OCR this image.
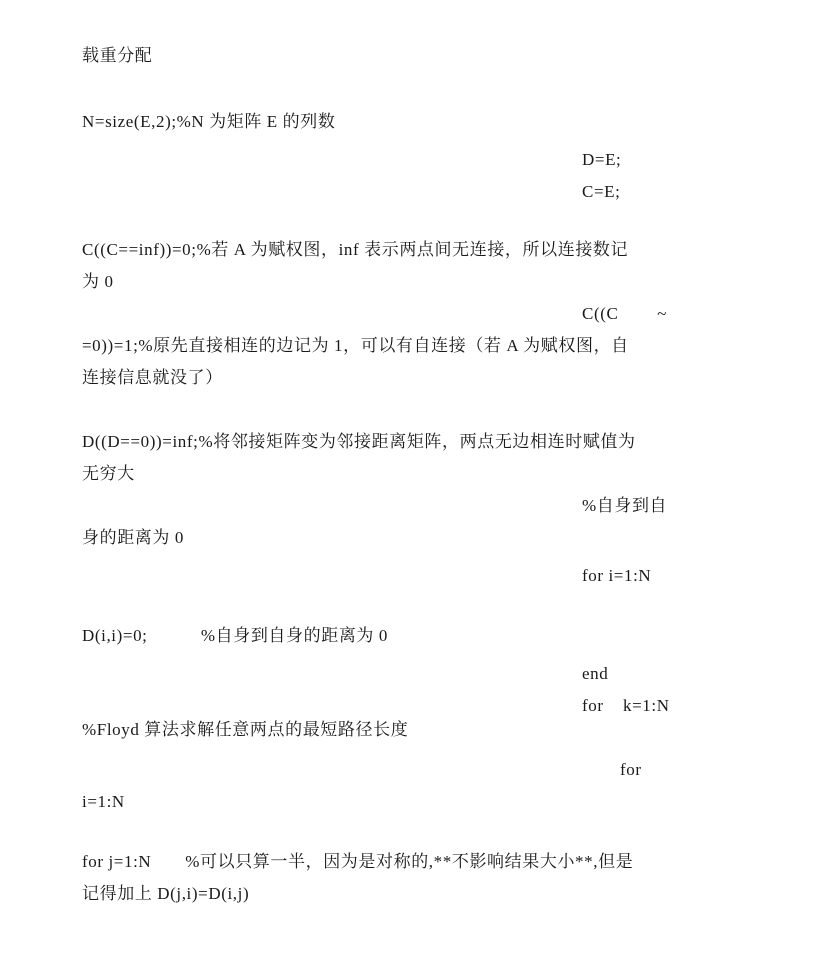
载重分配
N=size(E,2);%N 为矩阵 E 的列数
D=E;
C=E;
C((C==inf))=0;%若 A 为赋权图，inf 表示两点间无连接，所以连接数记
为 0
C((C        ~
=0))=1;%原先直接相连的边记为 1，可以有自连接（若 A 为赋权图，自
连接信息就没了）
D((D==0))=inf;%将邻接矩阵变为邻接距离矩阵，两点无边相连时赋值为
无穷大
%自身到自
身的距离为 0
for i=1:N
D(i,i)=0;           %自身到自身的距离为 0
end
for    k=1:N
%Floyd 算法求解任意两点的最短路径长度
for
i=1:N
for j=1:N       %可以只算一半，因为是对称的,**不影响结果大小**,但是
记得加上 D(j,i)=D(i,j)
